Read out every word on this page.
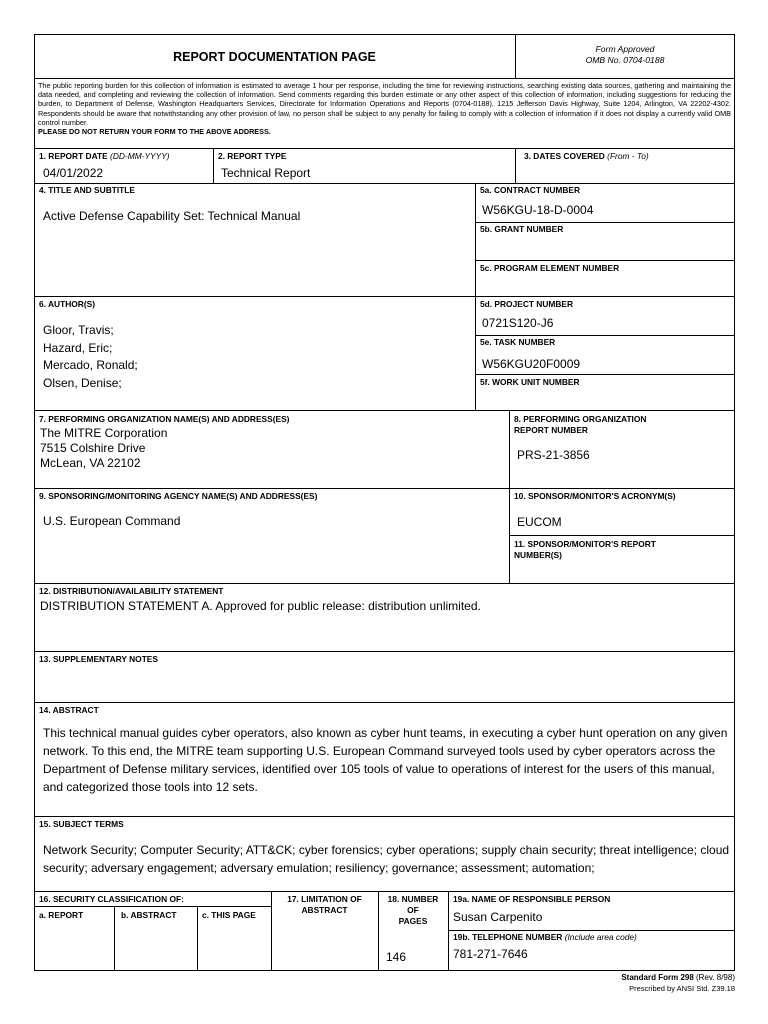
REPORT DOCUMENTATION PAGE
Form Approved
OMB No. 0704-0188
The public reporting burden for this collection of information is estimated to average 1 hour per response, including the time for reviewing instructions, searching existing data sources, gathering and maintaining the data needed, and completing and reviewing the collection of information. Send comments regarding this burden estimate or any other aspect of this collection of information, including suggestions for reducing the burden, to Department of Defense, Washington Headquarters Services, Directorate for Information Operations and Reports (0704-0188), 1215 Jefferson Davis Highway, Suite 1204, Arlington, VA 22202-4302. Respondents should be aware that notwithstanding any other provision of law, no person shall be subject to any penalty for failing to comply with a collection of information if it does not display a currently valid OMB control number.
PLEASE DO NOT RETURN YOUR FORM TO THE ABOVE ADDRESS.
1. REPORT DATE (DD-MM-YYYY)
04/01/2022
2. REPORT TYPE
Technical Report
3. DATES COVERED (From - To)
4. TITLE AND SUBTITLE
Active Defense Capability Set: Technical Manual
5a. CONTRACT NUMBER
W56KGU-18-D-0004
5b. GRANT NUMBER
5c. PROGRAM ELEMENT NUMBER
6. AUTHOR(S)
Gloor, Travis;
Hazard, Eric;
Mercado, Ronald;
Olsen, Denise;
5d. PROJECT NUMBER
0721S120-J6
5e. TASK NUMBER
W56KGU20F0009
5f. WORK UNIT NUMBER
7. PERFORMING ORGANIZATION NAME(S) AND ADDRESS(ES)
The MITRE Corporation
7515 Colshire Drive
McLean, VA 22102
8. PERFORMING ORGANIZATION
REPORT NUMBER
PRS-21-3856
9. SPONSORING/MONITORING AGENCY NAME(S) AND ADDRESS(ES)
U.S. European Command
10. SPONSOR/MONITOR'S ACRONYM(S)
EUCOM
11. SPONSOR/MONITOR'S REPORT
NUMBER(S)
12. DISTRIBUTION/AVAILABILITY STATEMENT
DISTRIBUTION STATEMENT A. Approved for public release: distribution unlimited.
13. SUPPLEMENTARY NOTES
14. ABSTRACT
This technical manual guides cyber operators, also known as cyber hunt teams, in executing a cyber hunt operation on any given network. To this end, the MITRE team supporting U.S. European Command surveyed tools used by cyber operators across the Department of Defense military services, identified over 105 tools of value to operations of interest for the users of this manual, and categorized those tools into 12 sets.
15. SUBJECT TERMS
Network Security; Computer Security; ATT&CK; cyber forensics; cyber operations; supply chain security; threat intelligence; cloud security; adversary engagement; adversary emulation; resiliency; governance; assessment; automation;
16. SECURITY CLASSIFICATION OF:
a. REPORT	b. ABSTRACT	c. THIS PAGE
17. LIMITATION OF
ABSTRACT
18. NUMBER
OF
PAGES
146
19a. NAME OF RESPONSIBLE PERSON
Susan Carpenito
19b. TELEPHONE NUMBER (Include area code)
781-271-7646
Standard Form 298 (Rev. 8/98)
Prescribed by ANSI Std. Z39.18
